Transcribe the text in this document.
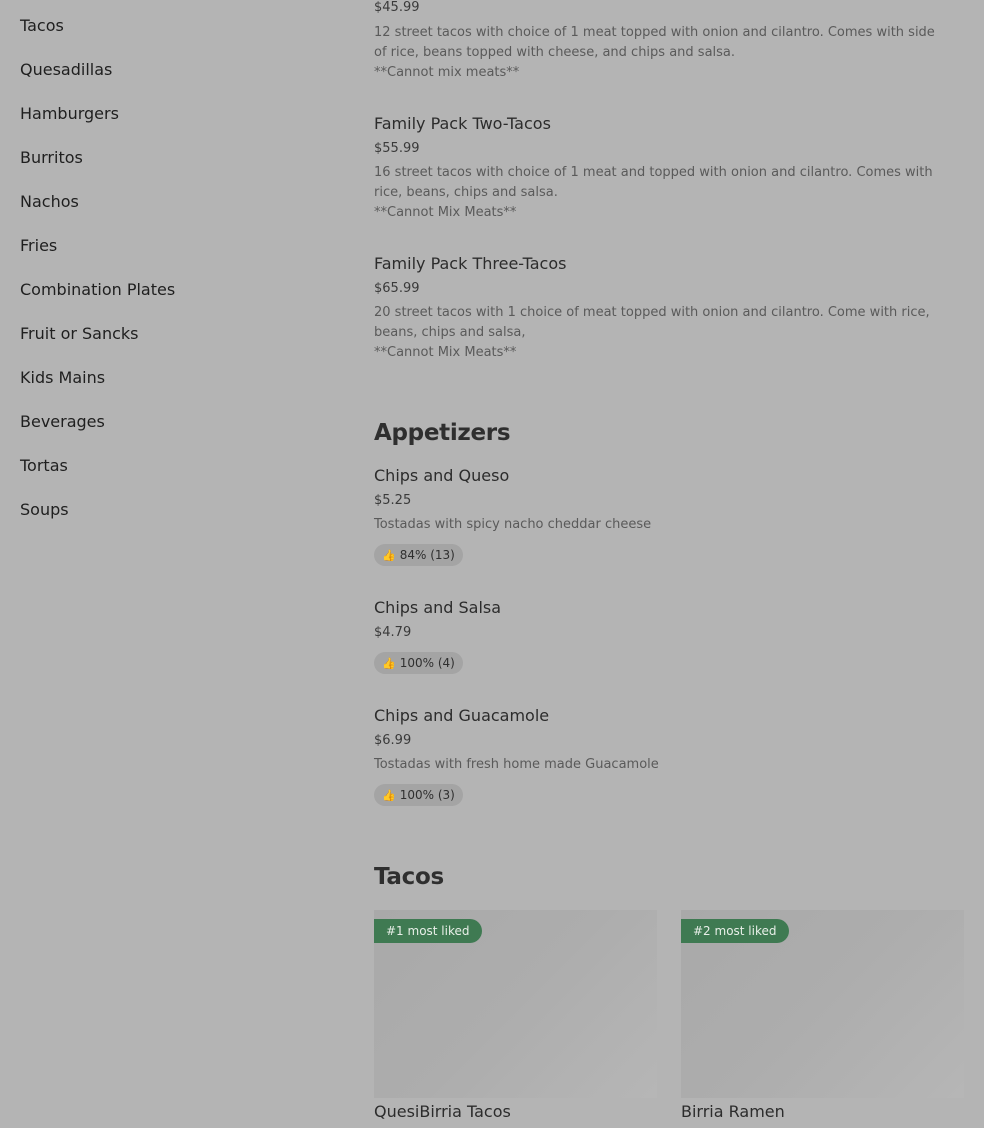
Tacos
Quesadillas
Hamburgers
Burritos
Nachos
Fries
Combination Plates
Fruit or Sancks
Kids Mains
Beverages
Tortas
Soups
$45.99
12 street tacos with choice of 1 meat topped with onion and cilantro. Comes with side of rice, beans topped with cheese, and chips and salsa.
**Cannot mix meats**
Family Pack Two-Tacos
$55.99
16 street tacos with choice of 1 meat and topped with onion and cilantro. Comes with rice, beans, chips and salsa.
**Cannot Mix Meats**
Family Pack Three-Tacos
$65.99
20 street tacos with 1 choice of meat topped with onion and cilantro. Come with rice, beans, chips and salsa,
**Cannot Mix Meats**
Appetizers
Chips and Queso
$5.25
Tostadas with spicy nacho cheddar cheese
👍 84% (13)
Chips and Salsa
$4.79
👍 100% (4)
Chips and Guacamole
$6.99
Tostadas with fresh home made Guacamole
👍 100% (3)
Tacos
#1 most liked
QuesiBirria Tacos
#2 most liked
Birria Ramen
